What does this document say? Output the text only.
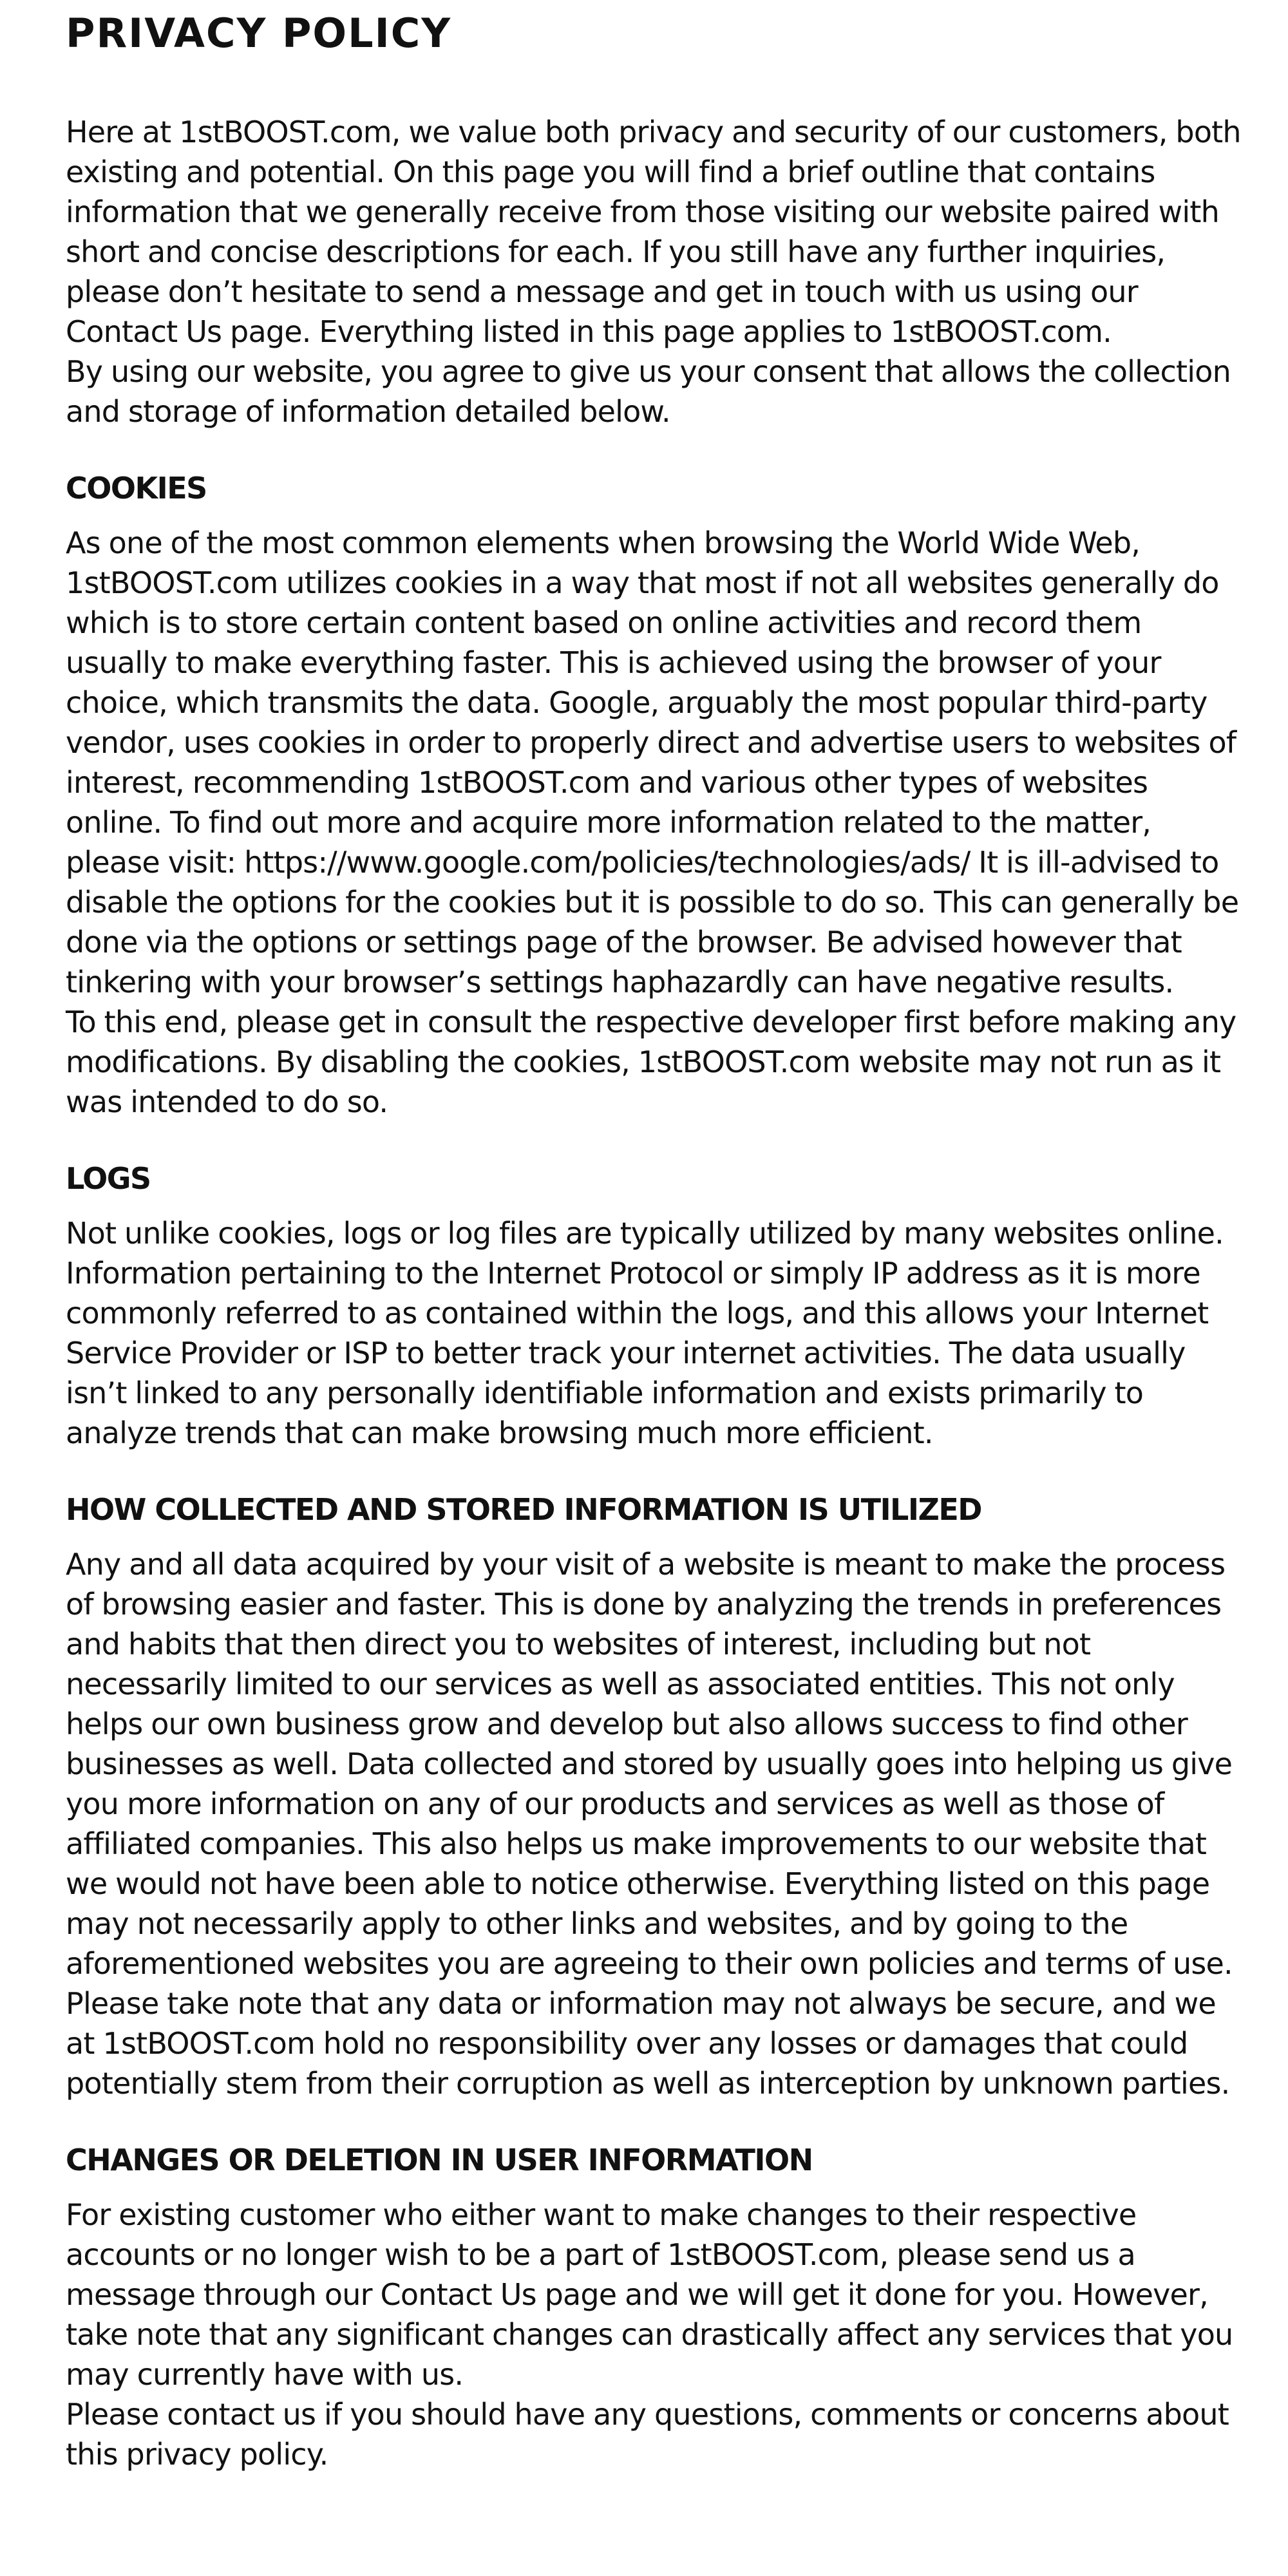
PRIVACY POLICY

Here at 1stBOOST.com, we value both privacy and security of our customers, both existing and potential. On this page you will find a brief outline that contains information that we generally receive from those visiting our website paired with short and concise descriptions for each. If you still have any further inquiries, please don’t hesitate to send a message and get in touch with us using our Contact Us page. Everything listed in this page applies to 1stBOOST.com.

By using our website, you agree to give us your consent that allows the collection and storage of information detailed below.

COOKIES

As one of the most common elements when browsing the World Wide Web, 1stBOOST.com utilizes cookies in a way that most if not all websites generally do which is to store certain content based on online activities and record them usually to make everything faster. This is achieved using the browser of your choice, which transmits the data. Google, arguably the most popular third-party vendor, uses cookies in order to properly direct and advertise users to websites of interest, recommending 1stBOOST.com and various other types of websites online. To find out more and acquire more information related to the matter, please visit: https://www.google.com/policies/technologies/ads/ It is ill-advised to disable the options for the cookies but it is possible to do so. This can generally be done via the options or settings page of the browser. Be advised however that tinkering with your browser’s settings haphazardly can have negative results.

To this end, please get in consult the respective developer first before making any modifications. By disabling the cookies, 1stBOOST.com website may not run as it was intended to do so.

LOGS

Not unlike cookies, logs or log files are typically utilized by many websites online. Information pertaining to the Internet Protocol or simply IP address as it is more commonly referred to as contained within the logs, and this allows your Internet Service Provider or ISP to better track your internet activities. The data usually isn’t linked to any personally identifiable information and exists primarily to analyze trends that can make browsing much more efficient.

HOW COLLECTED AND STORED INFORMATION IS UTILIZED

Any and all data acquired by your visit of a website is meant to make the process of browsing easier and faster. This is done by analyzing the trends in preferences and habits that then direct you to websites of interest, including but not necessarily limited to our services as well as associated entities. This not only helps our own business grow and develop but also allows success to find other businesses as well. Data collected and stored by usually goes into helping us give you more information on any of our products and services as well as those of affiliated companies. This also helps us make improvements to our website that we would not have been able to notice otherwise. Everything listed on this page may not necessarily apply to other links and websites, and by going to the aforementioned websites you are agreeing to their own policies and terms of use. Please take note that any data or information may not always be secure, and we at 1stBOOST.com hold no responsibility over any losses or damages that could potentially stem from their corruption as well as interception by unknown parties.

CHANGES OR DELETION IN USER INFORMATION

For existing customer who either want to make changes to their respective accounts or no longer wish to be a part of 1stBOOST.com, please send us a message through our Contact Us page and we will get it done for you. However, take note that any significant changes can drastically affect any services that you may currently have with us.

Please contact us if you should have any questions, comments or concerns about this privacy policy.
